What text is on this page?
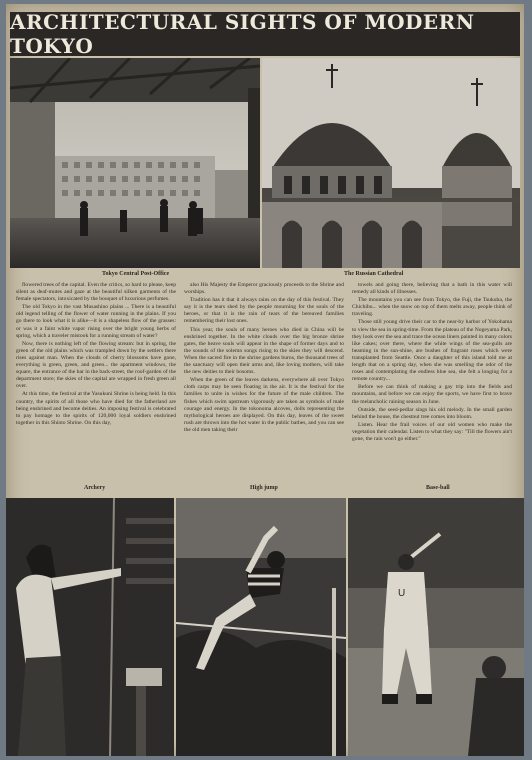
ARCHITECTURAL SIGHTS OF MODERN TOKYO
Tokyo Central Post-Office	The Russian Cathedral

flowered trees of the capital. Even the critics, so hard to please, keep silent as deaf-mutes and gaze at the beautiful silken garments of the female spectators, intoxicated by the bouquet of luxurious perfumes.

The old Tokyo in the vast Musashino plains ... There is a beautiful old legend telling of the flower of water running in the plains. If you go there to look what it is alike—it is a shapeless flow of the grasses: or was it a faint white vapor rising over the bright young herbs of spring, which a traveler mistook for a running stream of water?

Now, there is nothing left of the flowing stream: but in spring, the green of the old plains which was trampled down by the settlers there rises against man. When the clouds of cherry blossoms have gone, everything is green, green, and green... the apartment windows, the square, the entrance of the bar in the back-street, the roof-garden of the department store; the skies of the capital are wrapped in fresh green all over.

At this time, the festival at the Yasukuni Shrine is being held. In this country, the spirits of all those who have died for the fatherland are being enshrined and become deities. An imposing festival is celebrated to pay homage to the spirits of 120,000 loyal soldiers enshrined together in this Shinto Shrine. On this day,

also His Majesty the Emperor graciously proceeds to the Shrine and worships.

Tradition has it that it always rains on the day of this festival. They say it is the tears shed by the people mourning for the souls of the heroes, or that it is the rain of tears of the bereaved families remembering their lost ones.

This year, the souls of many heroes who died in China will be enshrined together. In the white clouds over the big bronze shrine gates, the heave souls will appear in the shape of former days and to the sounds of the solemn songs rising to the skies they will descend. When the sacred fire in the shrine gardens burns, the thousand trees of the sanctuary will open their arms and, like loving mothers, will take the new deities to their bosoms.

When the green of the leaves darkens, everywhere all over Tokyo cloth carps may be seen floating in the air. It is the festival for the families to unite in wishes for the future of the male children. The fishes which swim upstream vigorously are taken as symbols of male courage and energy. In the tokonoma alcoves, dolls representing the mythological heroes are displayed. On this day, leaves of the sweet rush are thrown into the hot water in the public bathes, and you can see the old men taking their

towels and going there, believing that a bath in this water will remedy all kinds of illnesses.

The mountains you can see from Tokyo, the Fuji, the Tsukuba, the Chichibu... when the snow on top of them melts away, people think of traveling.

Those still young drive their car to the near-by harbor of Yokohama to view the sea in spring-time. From the plateau of the Nogeyama Park, they look over the sea and trace the ocean liners painted in many colors like cakes; over there, where the white wings of the sea-gulls are beaming in the sun-shine, are bushes of fragrant roses which were transplanted from Seattle. Once a daughter of this island told me at length that on a spring day, when she was smelling the odor of the roses and contemplating the endless blue sea, she felt a longing for a remote country...

Before we can think of making a gay trip into the fields and mountains, and before we can enjoy the sports, we have first to brave the melancholic raining season in June.

Outside, the seed-pedlar sings his old melody. In the small garden behind the house, the chestnut tree comes into bloom.

Listen. Hear the frail voices of our old women who make the vegetation their calendar. Listen to what they say: "Till the flowers ain't gone, the rain won't go either."

Archery	High jump	Base-ball
U
